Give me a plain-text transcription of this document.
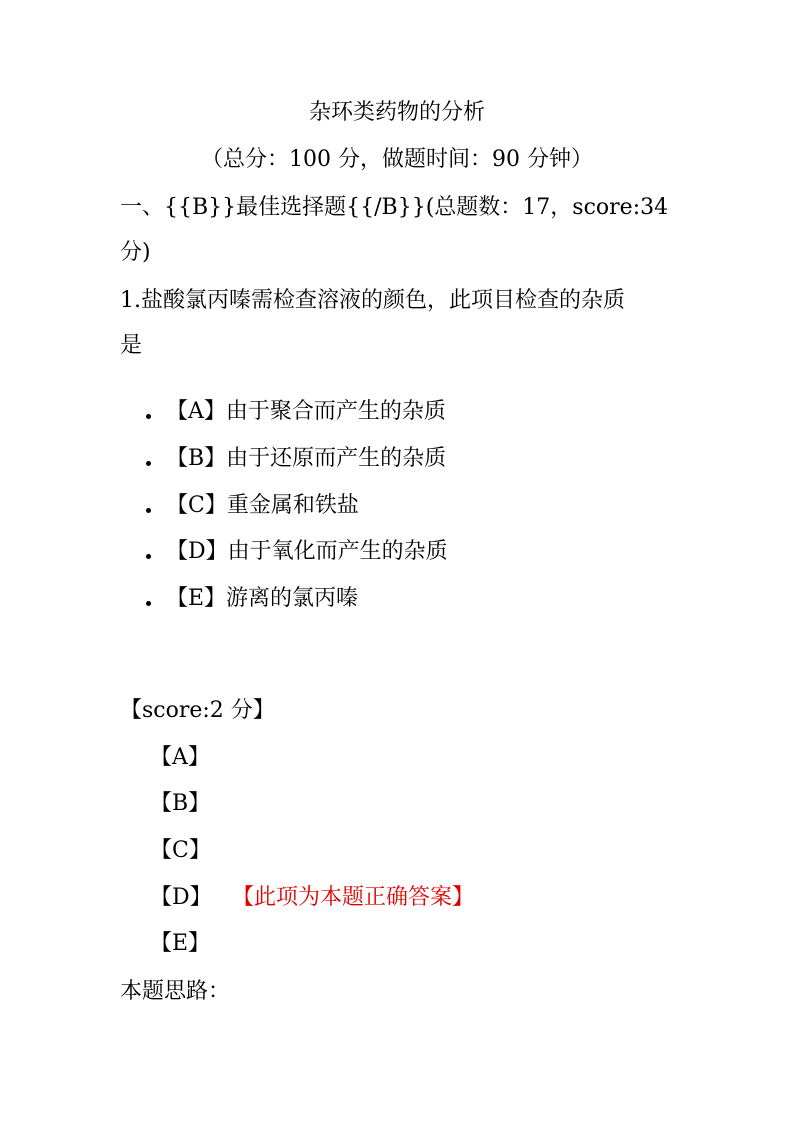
杂环类药物的分析
（总分：100 分，做题时间：90 分钟）
一、{{B}}最佳选择题{{/B}}(总题数：17，score:34
分)
1.盐酸氯丙嗪需检查溶液的颜色，此项目检查的杂质
是
【A】由于聚合而产生的杂质
【B】由于还原而产生的杂质
【C】重金属和铁盐
【D】由于氧化而产生的杂质
【E】游离的氯丙嗪
【score:2 分】
【A】
【B】
【C】
【D】 【此项为本题正确答案】
【E】
本题思路：
